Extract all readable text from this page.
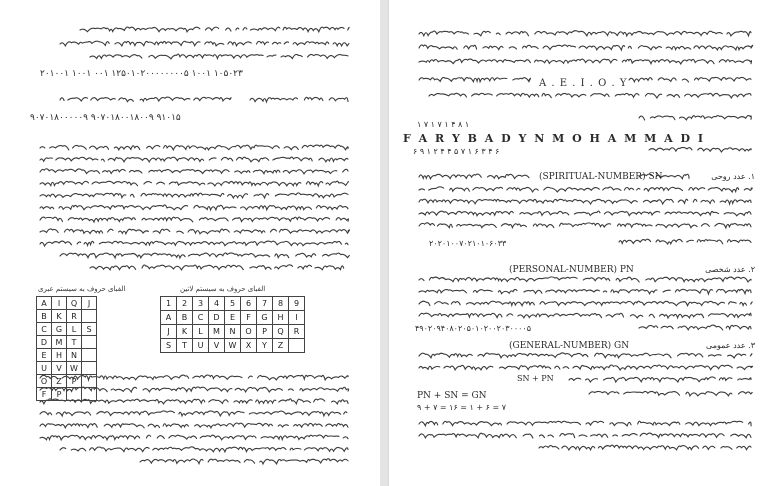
۲۰۱۰۰۱ ۱۰۰۱ ۰۰۱ ۱۲۵۰۱۰۲۰۰۰۰۰۰۰۰۵ ۱۰۰۱ ۱۰۵۰۲۳
۹۰۷۰۱۸۰۰۰۰۰۹ ۹۰۷۰۱۸۰۰۱۸۰۰۹ ۹۱۰۱۵
الفبای حروف به سیستم عبری	الفبای حروف به سیستم لاتین
A	I	Q	J
B	K	R	
C	G	L	S
D	M	T	
E	H	N	
U	V	W	
O	Z	P	
F	P		
1	2	3	4	5	6	7	8	9
A	B	C	D	E	F	G	H	I
J	K	L	M	N	O	P	Q	R
S	T	U	V	W	X	Y	Z	
A . E . I . O . Y
۱ ۷ ۱ ۷ ۱ ۴ ۸ ۱
F A R Y B A D Y N M O H A M M A D I
۶ ۹ ۱ ۲ ۴ ۴ ۵ ۷ ۱ ۶ ۳ ۴ ۶
(SPIRITUAL-NUMBER) SN	۱. عدد روحی
۲۰۲۰۱۰۰۷۰۲۱۰۱۰۶۰۳۳
(PERSONAL-NUMBER) PN	۲. عدد شخصی
۴۹۰۲۰۹۴۰۸۰۲۰۵۰۱۰۲۰۰۲۰۳۰۰۰۰۵
(GENERAL-NUMBER) GN	۳. عدد عمومی
SN + PN
PN + SN = GN
۹ + ۷ = ۱۶ = ۱ + ۶ = ۷
